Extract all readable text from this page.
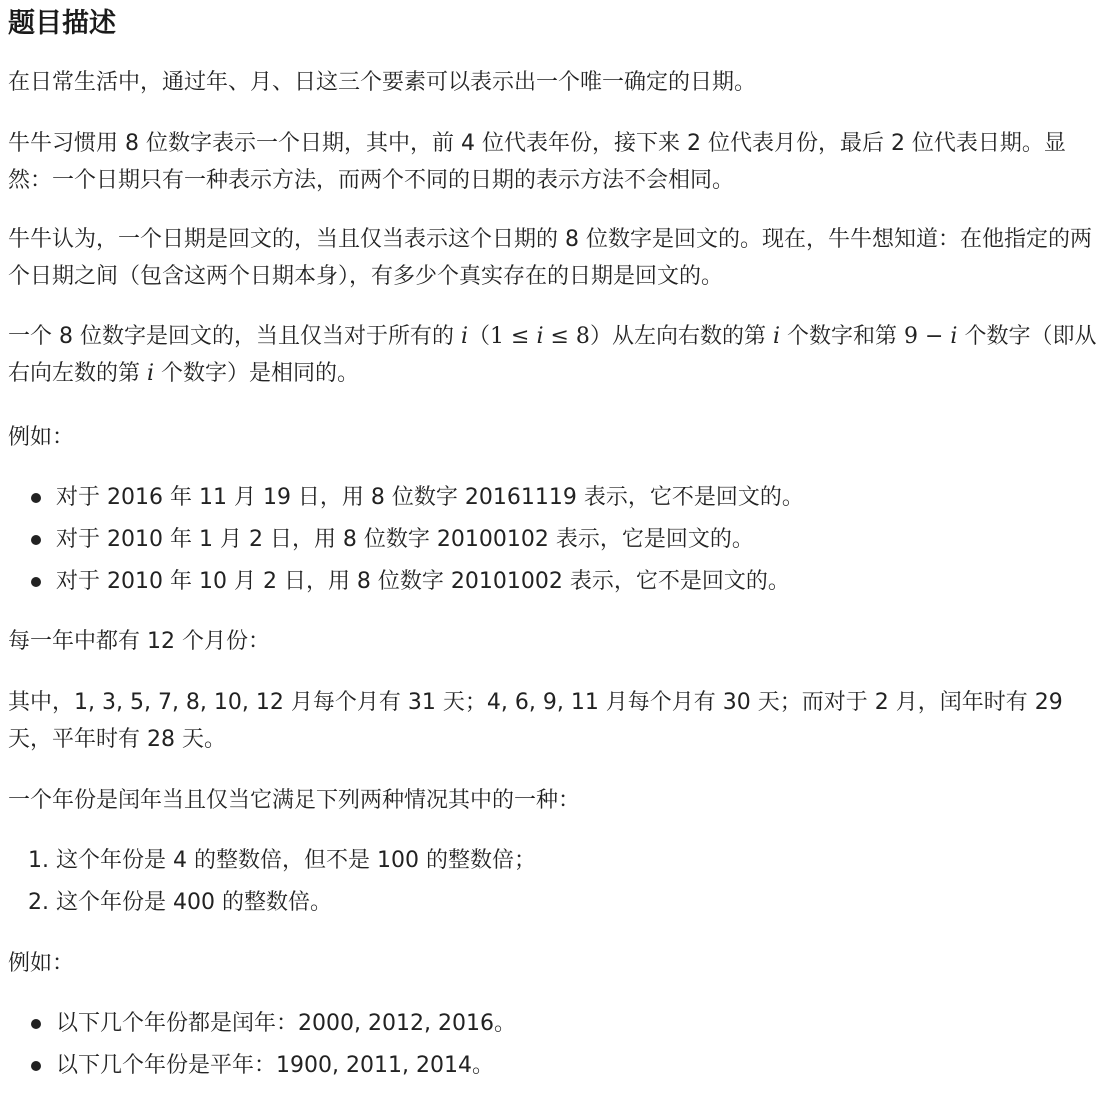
题目描述

在日常生活中，通过年、月、日这三个要素可以表示出一个唯一确定的日期。

牛牛习惯用 8 位数字表示一个日期，其中，前 4 位代表年份，接下来 2 位代表月份，最后 2 位代表日期。显然：一个日期只有一种表示方法，而两个不同的日期的表示方法不会相同。

牛牛认为，一个日期是回文的，当且仅当表示这个日期的 8 位数字是回文的。现在，牛牛想知道：在他指定的两个日期之间（包含这两个日期本身），有多少个真实存在的日期是回文的。

一个 8 位数字是回文的，当且仅当对于所有的 i（1 ≤ i ≤ 8）从左向右数的第 i 个数字和第 9 − i 个数字（即从右向左数的第 i 个数字）是相同的。

例如：

对于 2016 年 11 月 19 日，用 8 位数字 20161119 表示，它不是回文的。
对于 2010 年 1 月 2 日，用 8 位数字 20100102 表示，它是回文的。
对于 2010 年 10 月 2 日，用 8 位数字 20101002 表示，它不是回文的。

每一年中都有 12 个月份：

其中，1, 3, 5, 7, 8, 10, 12 月每个月有 31 天；4, 6, 9, 11 月每个月有 30 天；而对于 2 月，闰年时有 29 天，平年时有 28 天。

一个年份是闰年当且仅当它满足下列两种情况其中的一种：

1. 这个年份是 4 的整数倍，但不是 100 的整数倍；
2. 这个年份是 400 的整数倍。

例如：

以下几个年份都是闰年：2000, 2012, 2016。
以下几个年份是平年：1900, 2011, 2014。
